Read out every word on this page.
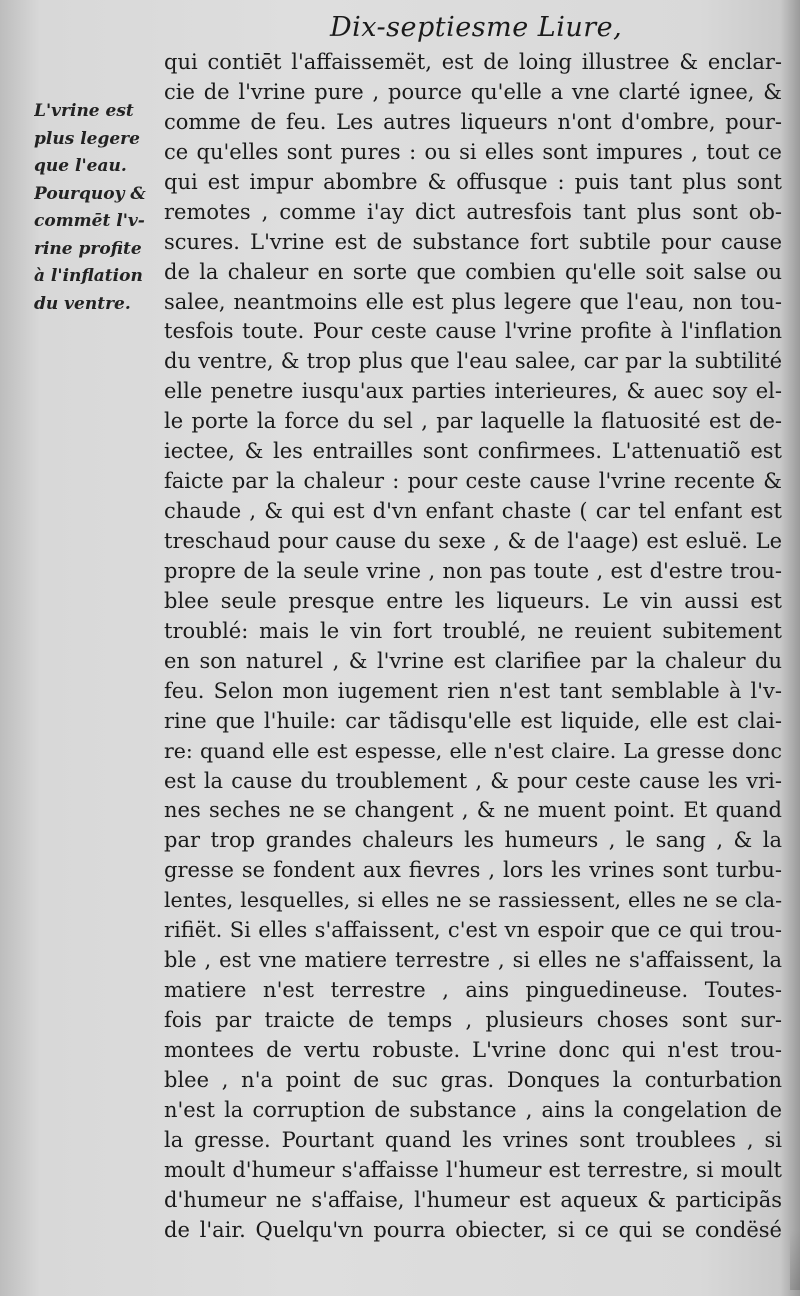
Dix-septiesme Liure,
L'vrine est
plus legere
que l'eau.
Pourquoy &
commēt l'v-
rine profite
à l'inflation
du ventre.
qui contiēt l'affaissemët, est de loing illustree & enclar-
cie de l'vrine pure , pource qu'elle a vne clarté ignee, &
comme de feu. Les autres liqueurs n'ont d'ombre, pour-
ce qu'elles sont pures : ou si elles sont impures , tout ce
qui est impur abombre & offusque : puis tant plus sont
remotes , comme i'ay dict autresfois tant plus sont ob-
scures. L'vrine est de substance fort subtile pour cause
de la chaleur en sorte que combien qu'elle soit salse ou
salee, neantmoins elle est plus legere que l'eau, non tou-
tesfois toute. Pour ceste cause l'vrine profite à l'inflation
du ventre, & trop plus que l'eau salee, car par la subtilité
elle penetre iusqu'aux parties interieures, & auec soy el-
le porte la force du sel , par laquelle la flatuosité est de-
iectee, & les entrailles sont confirmees. L'attenuatiõ est
faicte par la chaleur : pour ceste cause l'vrine recente &
chaude , & qui est d'vn enfant chaste ( car tel enfant est
treschaud pour cause du sexe , & de l'aage) est esluë. Le
propre de la seule vrine , non pas toute , est d'estre trou-
blee seule presque entre les liqueurs. Le vin aussi est
troublé: mais le vin fort troublé, ne reuient subitement
en son naturel , & l'vrine est clarifiee par la chaleur du
feu. Selon mon iugement rien n'est tant semblable à l'v-
rine que l'huile: car tãdisqu'elle est liquide, elle est clai-
re: quand elle est espesse, elle n'est claire. La gresse donc
est la cause du troublement , & pour ceste cause les vri-
nes seches ne se changent , & ne muent point. Et quand
par trop grandes chaleurs les humeurs , le sang , & la
gresse se fondent aux fievres , lors les vrines sont turbu-
lentes, lesquelles, si elles ne se rassiessent, elles ne se cla-
rifiët. Si elles s'affaissent, c'est vn espoir que ce qui trou-
ble , est vne matiere terrestre , si elles ne s'affaissent, la
matiere n'est terrestre , ains pinguedineuse. Toutes-
fois par traicte de temps , plusieurs choses sont sur-
montees de vertu robuste. L'vrine donc qui n'est trou-
blee , n'a point de suc gras. Donques la conturbation
n'est la corruption de substance , ains la congelation de
la gresse. Pourtant quand les vrines sont troublees , si
moult d'humeur s'affaisse l'humeur est terrestre, si moult
d'humeur ne s'affaise, l'humeur est aqueux & participãs
de l'air. Quelqu'vn pourra obiecter, si ce qui se condësé
